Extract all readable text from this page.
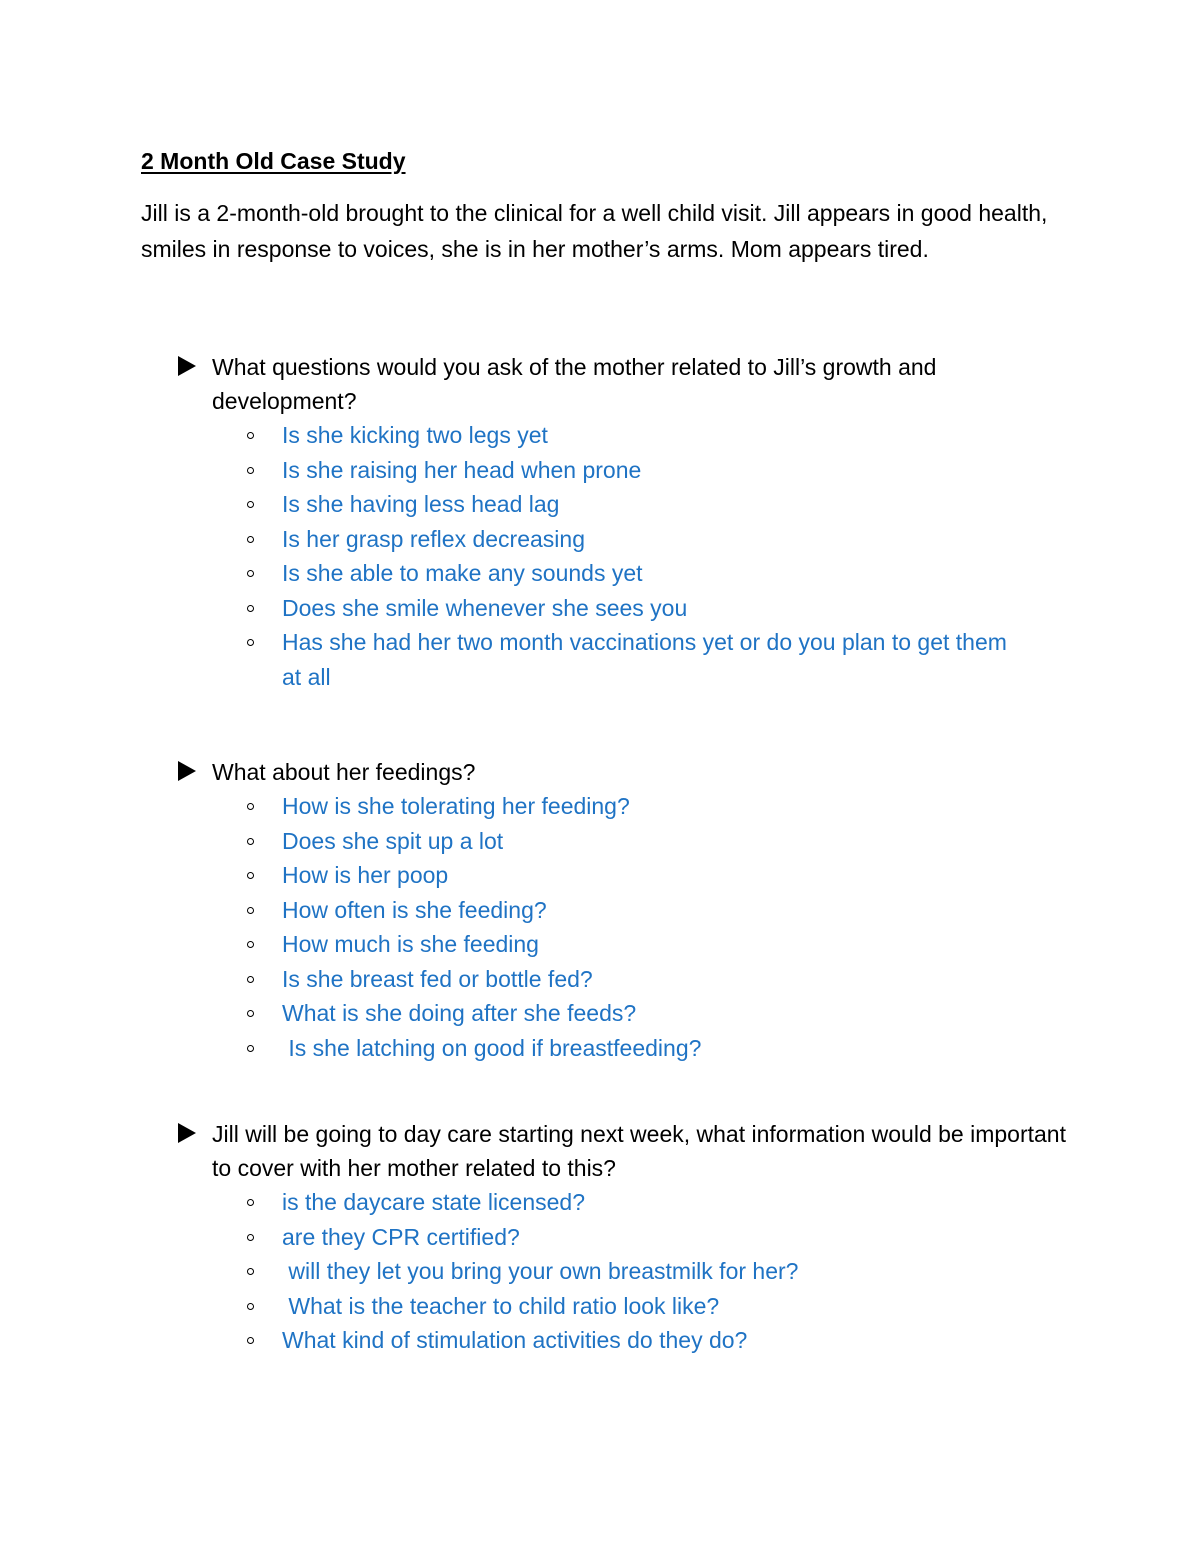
2 Month Old Case Study

Jill is a 2-month-old brought to the clinical for a well child visit. Jill appears in good health, smiles in response to voices, she is in her mother’s arms. Mom appears tired.

What questions would you ask of the mother related to Jill’s growth and development?
Is she kicking two legs yet
Is she raising her head when prone
Is she having less head lag
Is her grasp reflex decreasing
Is she able to make any sounds yet
Does she smile whenever she sees you
Has she had her two month vaccinations yet or do you plan to get them at all
What about her feedings?
How is she tolerating her feeding?
Does she spit up a lot
How is her poop
How often is she feeding?
How much is she feeding
Is she breast fed or bottle fed?
What is she doing after she feeds?
Is she latching on good if breastfeeding?
Jill will be going to day care starting next week, what information would be important to cover with her mother related to this?
is the daycare state licensed?
are they CPR certified?
will they let you bring your own breastmilk for her?
What is the teacher to child ratio look like?
What kind of stimulation activities do they do?
